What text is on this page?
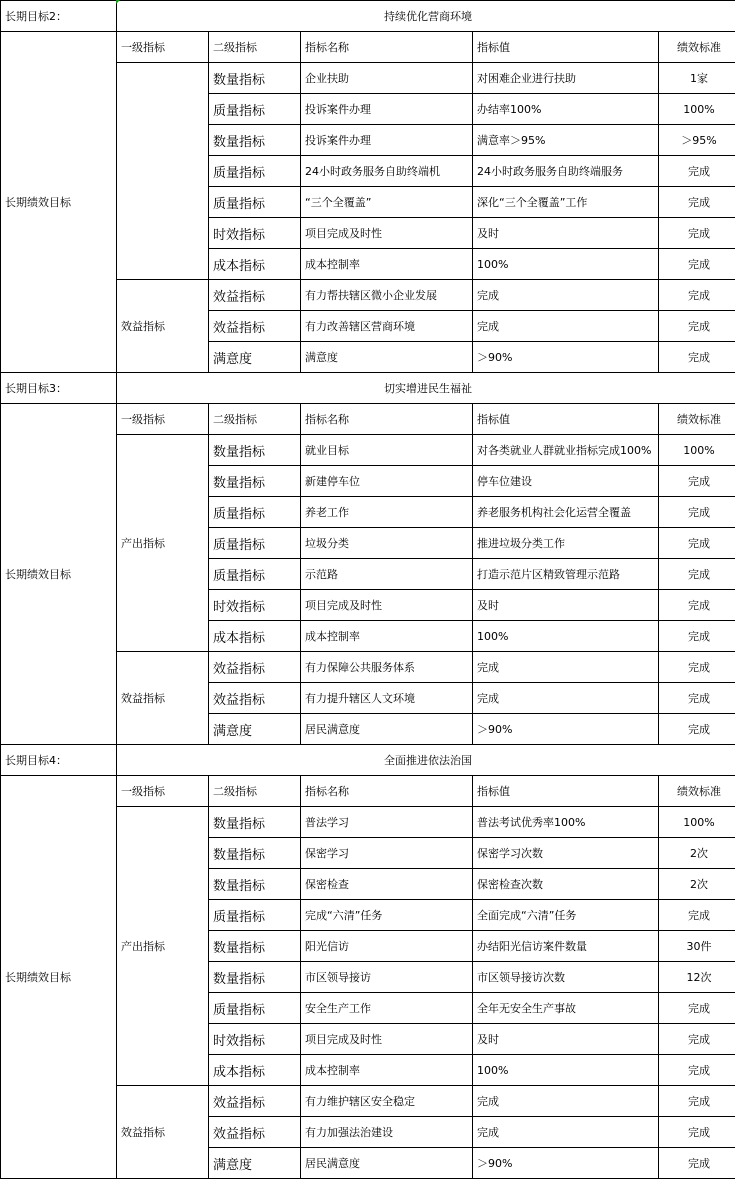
长期目标2：	持续优化营商环境				
长期绩效目标	一级指标	二级指标	指标名称	指标值	绩效标准
		数量指标	企业扶助	对困难企业进行扶助	1家
		质量指标	投诉案件办理	办结率100%	100%
		数量指标	投诉案件办理	满意率＞95%	＞95%
		质量指标	24小时政务服务自助终端机	24小时政务服务自助终端服务	完成
		质量指标	“三个全覆盖”	深化“三个全覆盖”工作	完成
		时效指标	项目完成及时性	及时	完成
		成本指标	成本控制率	100%	完成
	效益指标	效益指标	有力帮扶辖区微小企业发展	完成	完成
		效益指标	有力改善辖区营商环境	完成	完成
		满意度	满意度	＞90%	完成
长期目标3：	切实增进民生福祉				
长期绩效目标	一级指标	二级指标	指标名称	指标值	绩效标准
	产出指标	数量指标	就业目标	对各类就业人群就业指标完成100%	100%
		数量指标	新建停车位	停车位建设	完成
		质量指标	养老工作	养老服务机构社会化运营全覆盖	完成
		质量指标	垃圾分类	推进垃圾分类工作	完成
		质量指标	示范路	打造示范片区精致管理示范路	完成
		时效指标	项目完成及时性	及时	完成
		成本指标	成本控制率	100%	完成
	效益指标	效益指标	有力保障公共服务体系	完成	完成
		效益指标	有力提升辖区人文环境	完成	完成
		满意度	居民满意度	＞90%	完成
长期目标4：	全面推进依法治国				
长期绩效目标	一级指标	二级指标	指标名称	指标值	绩效标准
	产出指标	数量指标	普法学习	普法考试优秀率100%	100%
		数量指标	保密学习	保密学习次数	2次
		数量指标	保密检查	保密检查次数	2次
		质量指标	完成“六清”任务	全面完成“六清”任务	完成
		数量指标	阳光信访	办结阳光信访案件数量	30件
		数量指标	市区领导接访	市区领导接访次数	12次
		质量指标	安全生产工作	全年无安全生产事故	完成
		时效指标	项目完成及时性	及时	完成
		成本指标	成本控制率	100%	完成
	效益指标	效益指标	有力维护辖区安全稳定	完成	完成
		效益指标	有力加强法治建设	完成	完成
		满意度	居民满意度	＞90%	完成
